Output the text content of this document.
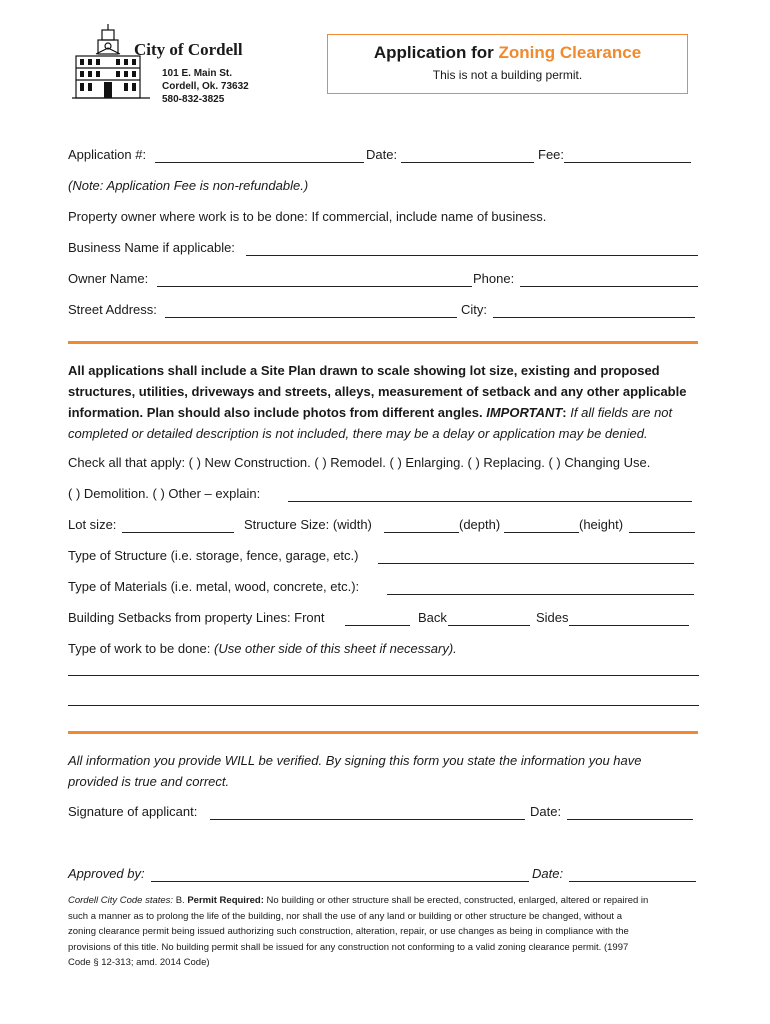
City of Cordell
101 E. Main St.
Cordell, Ok. 73632
580-832-3825
Application for Zoning Clearance
This is not a building permit.
Application #:	Date:	Fee:
(Note: Application Fee is non-refundable.)
Property owner where work is to be done: If commercial, include name of business.
Business Name if applicable:
Owner Name:	Phone:
Street Address:	City:
All applications shall include a Site Plan drawn to scale showing lot size, existing and proposed
structures, utilities, driveways and streets, alleys, measurement of setback and any other applicable
information. Plan should also include photos from different angles. IMPORTANT: If all fields are not
completed or detailed description is not included, there may be a delay or application may be denied.
Check all that apply: ( ) New Construction. ( ) Remodel. ( ) Enlarging. ( ) Replacing. ( ) Changing Use.
( ) Demolition. ( ) Other – explain:
Lot size:	Structure Size: (width)	(depth)	(height)
Type of Structure (i.e. storage, fence, garage, etc.)
Type of Materials (i.e. metal, wood, concrete, etc.):
Building Setbacks from property Lines: Front	Back	Sides
Type of work to be done: (Use other side of this sheet if necessary).
All information you provide WILL be verified. By signing this form you state the information you have
provided is true and correct.
Signature of applicant:	Date:
Approved by:	Date:
Cordell City Code states: B. Permit Required: No building or other structure shall be erected, constructed, enlarged, altered or repaired in
such a manner as to prolong the life of the building, nor shall the use of any land or building or other structure be changed, without a
zoning clearance permit being issued authorizing such construction, alteration, repair, or use changes as being in compliance with the
provisions of this title. No building permit shall be issued for any construction not conforming to a valid zoning clearance permit. (1997
Code § 12-313; amd. 2014 Code)
